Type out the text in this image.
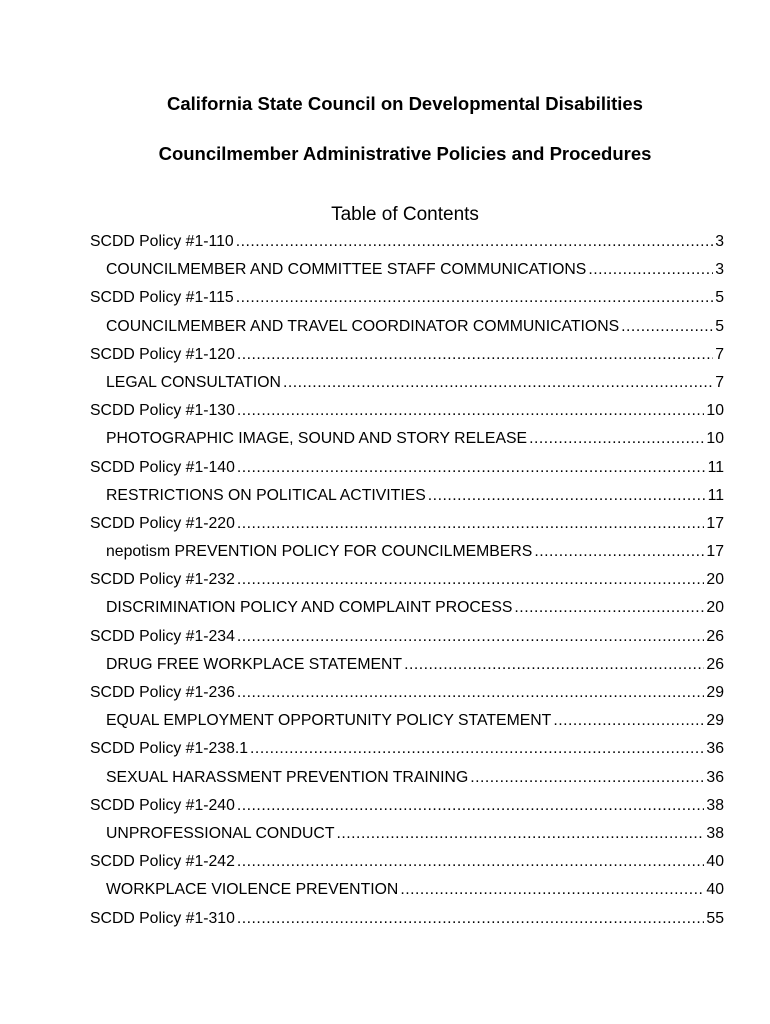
California State Council on Developmental Disabilities
Councilmember Administrative Policies and Procedures
Table of Contents
SCDD Policy #1-110 .....	3
COUNCILMEMBER AND COMMITTEE STAFF COMMUNICATIONS .....	3
SCDD Policy #1-115 .....	5
COUNCILMEMBER AND TRAVEL COORDINATOR COMMUNICATIONS .....	5
SCDD Policy #1-120 .....	7
LEGAL CONSULTATION .....	7
SCDD Policy #1-130 .....	10
PHOTOGRAPHIC IMAGE, SOUND AND STORY RELEASE .....	10
SCDD Policy #1-140 .....	11
RESTRICTIONS ON POLITICAL ACTIVITIES .....	11
SCDD Policy #1-220 .....	17
nepotism PREVENTION POLICY FOR COUNCILMEMBERS .....	17
SCDD Policy #1-232 .....	20
DISCRIMINATION POLICY AND COMPLAINT PROCESS .....	20
SCDD Policy #1-234 .....	26
DRUG FREE WORKPLACE STATEMENT .....	26
SCDD Policy #1-236 .....	29
EQUAL EMPLOYMENT OPPORTUNITY POLICY STATEMENT .....	29
SCDD Policy #1-238.1 .....	36
SEXUAL HARASSMENT PREVENTION TRAINING .....	36
SCDD Policy #1-240 .....	38
UNPROFESSIONAL CONDUCT .....	38
SCDD Policy #1-242 .....	40
WORKPLACE VIOLENCE PREVENTION .....	40
SCDD Policy #1-310 .....	55
